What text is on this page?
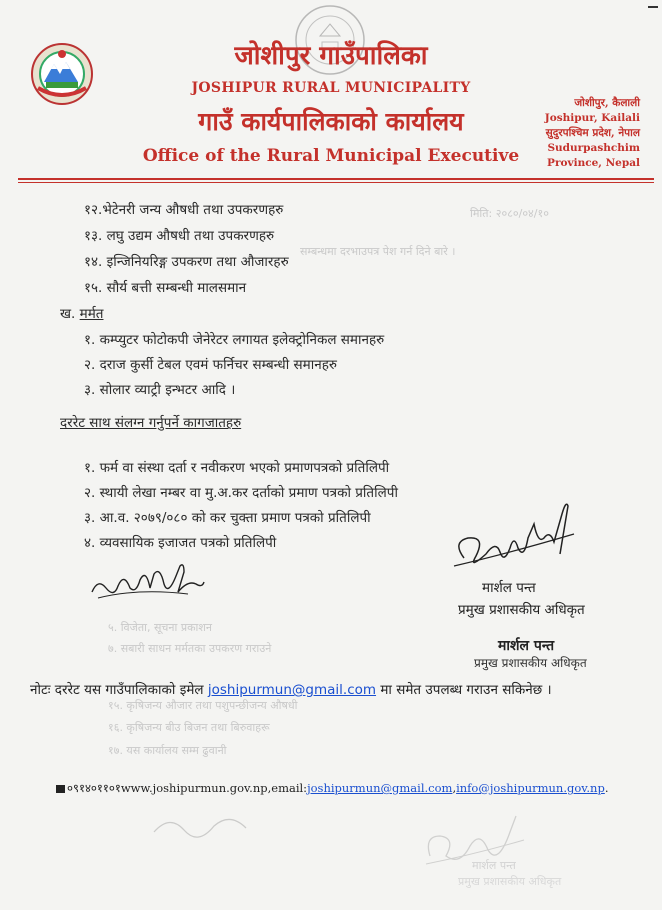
जोशीपुर गाउँपालिका
JOSHIPUR RURAL MUNICIPALITY
गाउँ कार्यपालिकाको कार्यालय
Office of the Rural Municipal Executive
जोशीपुर, कैलाली
Joshipur, Kailali
सुदुरपश्चिम प्रदेश, नेपाल
Sudurpashchim
Province, Nepal
मिति: २०८०/०४/१०
सम्बन्धमा दरभाउपत्र पेश गर्न दिने बारे ।
१२.भेटेनरी जन्य औषधी तथा उपकरणहरु
१३. लघु उद्यम औषधी तथा उपकरणहरु
१४. इन्जिनियरिङ्ग उपकरण तथा औजारहरु
१५. सौर्य बत्ती सम्बन्धी मालसमान
ख. मर्मत
१. कम्प्युटर फोटोकपी जेनेरेटर लगायत इलेक्ट्रोनिकल समानहरु
२. दराज कुर्सी टेबल एवमं फर्निचर सम्बन्धी समानहरु
३. सोलार व्याट्री इन्भटर आदि ।
दररेट साथ संलग्न गर्नुपर्ने कागजातहरु
१. फर्म वा संस्था दर्ता र नवीकरण भएको प्रमाणपत्रको प्रतिलिपी
२. स्थायी लेखा नम्बर वा मु.अ.कर दर्ताको प्रमाण पत्रको प्रतिलिपी
३. आ.व. २०७९/०८० को कर चुक्ता प्रमाण पत्रको प्रतिलिपी
४. व्यवसायिक इजाजत पत्रको प्रतिलिपी
मार्शल पन्त
प्रमुख प्रशासकीय अधिकृत
५. विजेता, सूचना प्रकाशन
७. सबारी साधन मर्मतका उपकरण गराउने
१५. कृषिजन्य औजार तथा पशुपन्छीजन्य औषधी
१६. कृषिजन्य बीउ बिजन तथा बिरुवाहरू
१७. यस कार्यालय सम्म ढुवानी
मार्शल पन्त
प्रमुख प्रशासकीय अधिकृत
नोटः दररेट यस गाउँपालिकाको इमेल joshipurmun@gmail.com मा समेत उपलब्ध गराउन सकिनेछ ।
०९१४०११०१www.joshipurmun.gov.np,email:joshipurmun@gmail.com,info@joshipurmun.gov.np.
मार्शल पन्त
प्रमुख प्रशासकीय अधिकृत
